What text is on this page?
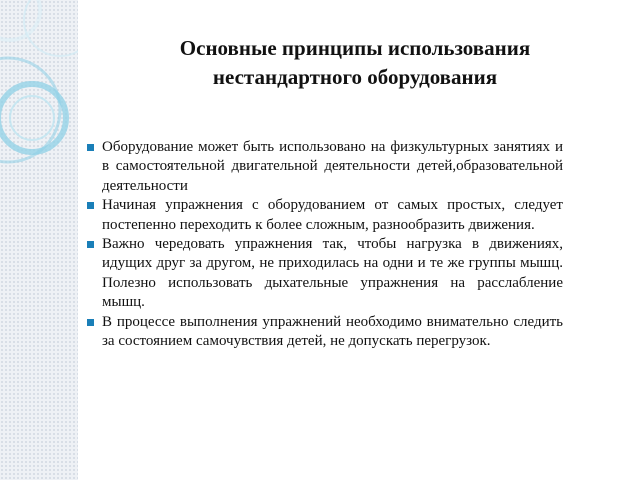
Основные принципы использования
нестандартного оборудования
Оборудование может быть использовано на физкультурных занятиях и в самостоятельной двигательной деятельности детей,образовательной деятельности
Начиная упражнения с оборудованием от самых простых, следует постепенно переходить к более сложным, разнообразить движения.
Важно чередовать упражнения так, чтобы нагрузка в движениях, идущих друг за другом, не приходилась на одни и те же группы мышц. Полезно использовать дыхательные упражнения на расслабление мышц.
В процессе выполнения упражнений необходимо внимательно следить за состоянием самочувствия детей, не допускать перегрузок.
